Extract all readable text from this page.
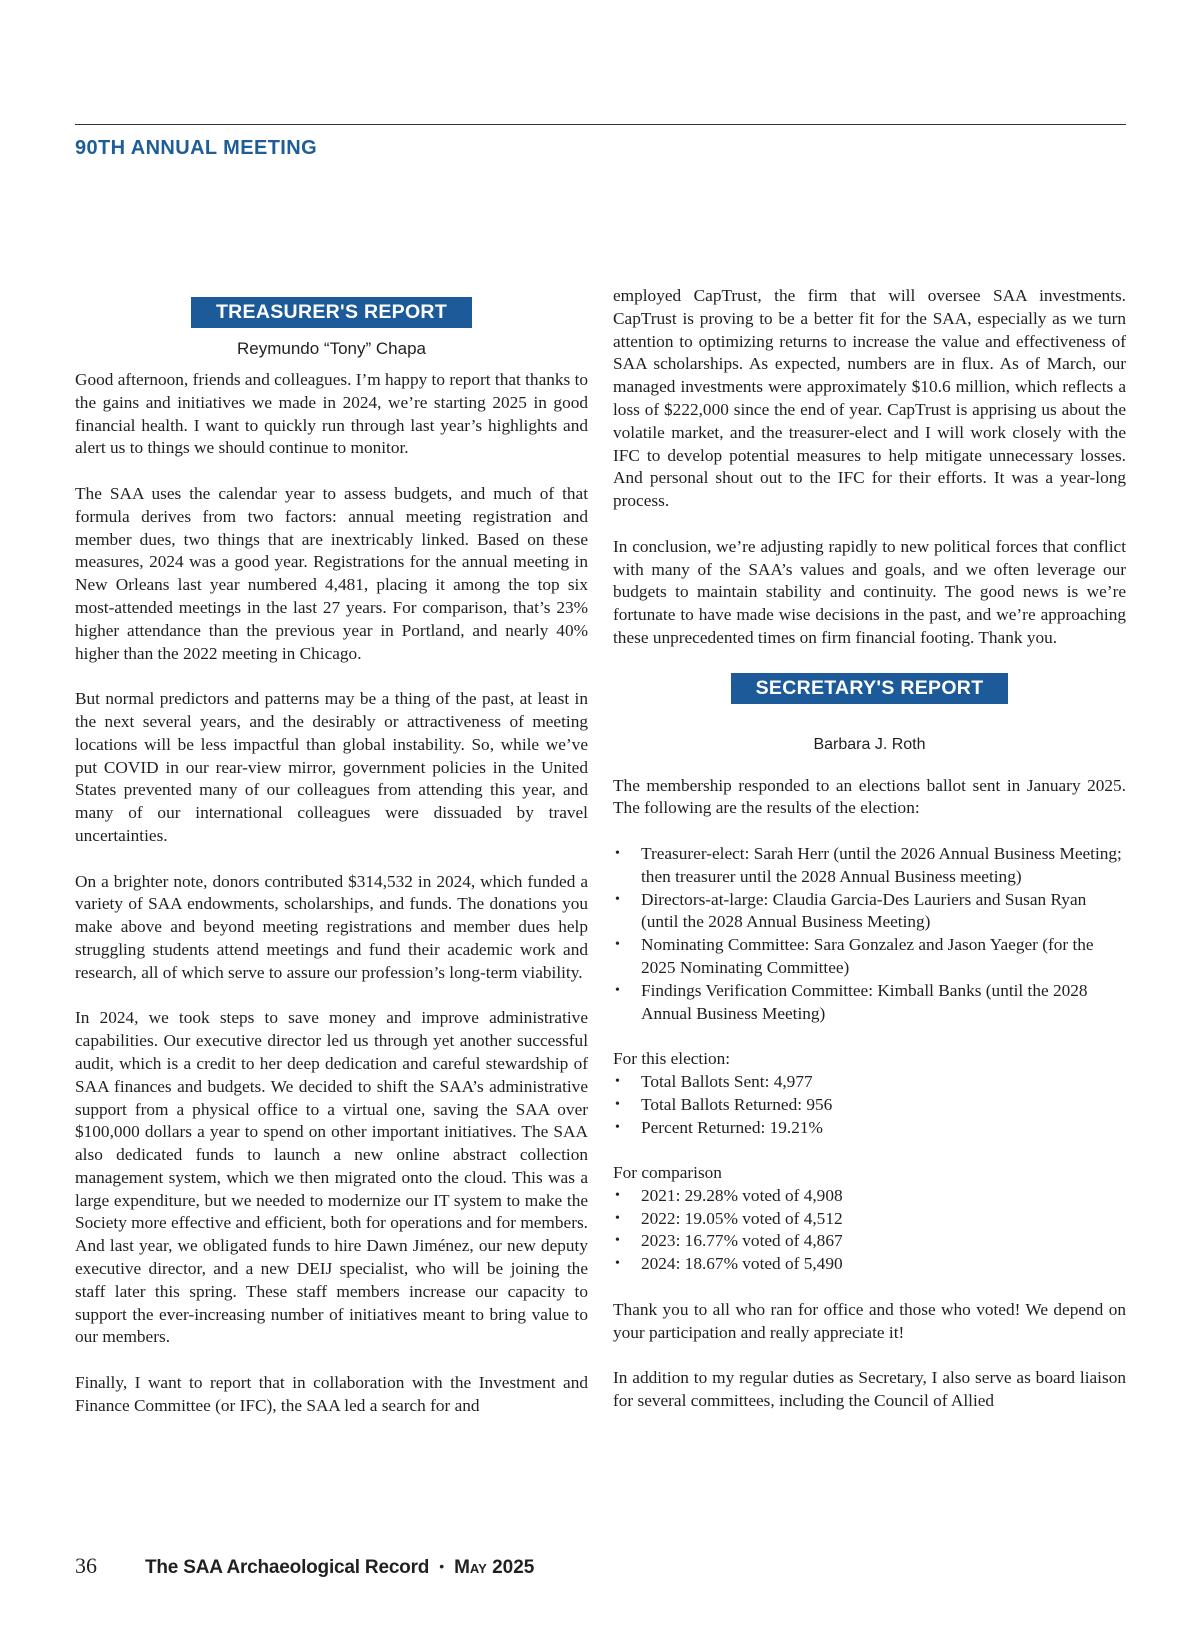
90TH ANNUAL MEETING
TREASURER'S REPORT
Reymundo “Tony” Chapa

Good afternoon, friends and colleagues. I’m happy to report that thanks to the gains and initiatives we made in 2024, we’re starting 2025 in good financial health. I want to quickly run through last year’s highlights and alert us to things we should continue to monitor.

The SAA uses the calendar year to assess budgets, and much of that formula derives from two factors: annual meeting registration and member dues, two things that are inextricably linked. Based on these measures, 2024 was a good year. Registrations for the annual meeting in New Orleans last year numbered 4,481, placing it among the top six most-attended meetings in the last 27 years. For comparison, that’s 23% higher attendance than the previous year in Portland, and nearly 40% higher than the 2022 meeting in Chicago.

But normal predictors and patterns may be a thing of the past, at least in the next several years, and the desirably or attractiveness of meeting locations will be less impactful than global instability. So, while we’ve put COVID in our rear-view mirror, government policies in the United States prevented many of our colleagues from attending this year, and many of our international colleagues were dissuaded by travel uncertainties.

On a brighter note, donors contributed $314,532 in 2024, which funded a variety of SAA endowments, scholarships, and funds. The donations you make above and beyond meeting registrations and member dues help struggling students attend meetings and fund their academic work and research, all of which serve to assure our profession’s long-term viability.

In 2024, we took steps to save money and improve administrative capabilities. Our executive director led us through yet another successful audit, which is a credit to her deep dedication and careful stewardship of SAA finances and budgets. We decided to shift the SAA’s administrative support from a physical office to a virtual one, saving the SAA over $100,000 dollars a year to spend on other important initiatives. The SAA also dedicated funds to launch a new online abstract collection management system, which we then migrated onto the cloud. This was a large expenditure, but we needed to modernize our IT system to make the Society more effective and efficient, both for operations and for members. And last year, we obligated funds to hire Dawn Jiménez, our new deputy executive director, and a new DEIJ specialist, who will be joining the staff later this spring. These staff members increase our capacity to support the ever-increasing number of initiatives meant to bring value to our members.

Finally, I want to report that in collaboration with the Investment and Finance Committee (or IFC), the SAA led a search for and

employed CapTrust, the firm that will oversee SAA investments. CapTrust is proving to be a better fit for the SAA, especially as we turn attention to optimizing returns to increase the value and effectiveness of SAA scholarships. As expected, numbers are in flux. As of March, our managed investments were approximately $10.6 million, which reflects a loss of $222,000 since the end of year. CapTrust is apprising us about the volatile market, and the treasurer-elect and I will work closely with the IFC to develop potential measures to help mitigate unnecessary losses. And personal shout out to the IFC for their efforts. It was a year-long process.

In conclusion, we’re adjusting rapidly to new political forces that conflict with many of the SAA’s values and goals, and we often leverage our budgets to maintain stability and continuity. The good news is we’re fortunate to have made wise decisions in the past, and we’re approaching these unprecedented times on firm financial footing. Thank you.

SECRETARY'S REPORT
Barbara J. Roth

The membership responded to an elections ballot sent in January 2025. The following are the results of the election:

• Treasurer-elect: Sarah Herr (until the 2026 Annual Business Meeting; then treasurer until the 2028 Annual Business meeting)
• Directors-at-large: Claudia Garcia-Des Lauriers and Susan Ryan (until the 2028 Annual Business Meeting)
• Nominating Committee: Sara Gonzalez and Jason Yaeger (for the 2025 Nominating Committee)
• Findings Verification Committee: Kimball Banks (until the 2028 Annual Business Meeting)

For this election:

• Total Ballots Sent: 4,977
• Total Ballots Returned: 956
• Percent Returned: 19.21%

For comparison

• 2021: 29.28% voted of 4,908
• 2022: 19.05% voted of 4,512
• 2023: 16.77% voted of 4,867
• 2024: 18.67% voted of 5,490

Thank you to all who ran for office and those who voted! We depend on your participation and really appreciate it!

In addition to my regular duties as Secretary, I also serve as board liaison for several committees, including the Council of Allied

36	The SAA Archaeological Record • May 2025
